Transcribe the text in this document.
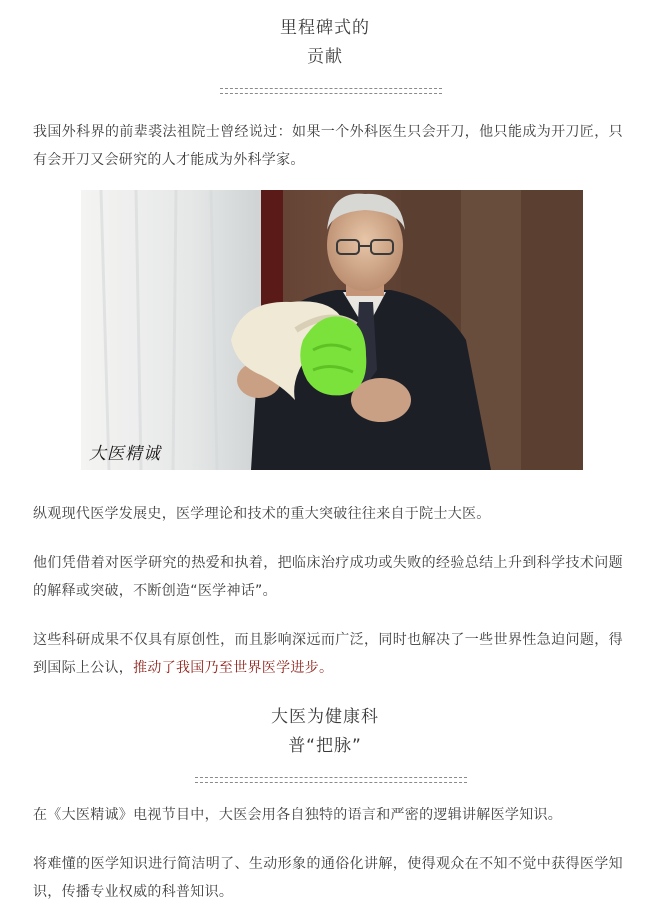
里程碑式的
贡献
我国外科界的前辈裘法祖院士曾经说过：如果一个外科医生只会开刀，他只能成为开刀匠，只有会开刀又会研究的人才能成为外科学家。
大医精诚
纵观现代医学发展史，医学理论和技术的重大突破往往来自于院士大医。
他们凭借着对医学研究的热爱和执着，把临床治疗成功或失败的经验总结上升到科学技术问题的解释或突破，不断创造“医学神话”。
这些科研成果不仅具有原创性，而且影响深远而广泛，同时也解决了一些世界性急迫问题，得到国际上公认，推动了我国乃至世界医学进步。
大医为健康科
普“把脉”
在《大医精诚》电视节目中，大医会用各自独特的语言和严密的逻辑讲解医学知识。
将难懂的医学知识进行简洁明了、生动形象的通俗化讲解，使得观众在不知不觉中获得医学知识，传播专业权威的科普知识。
